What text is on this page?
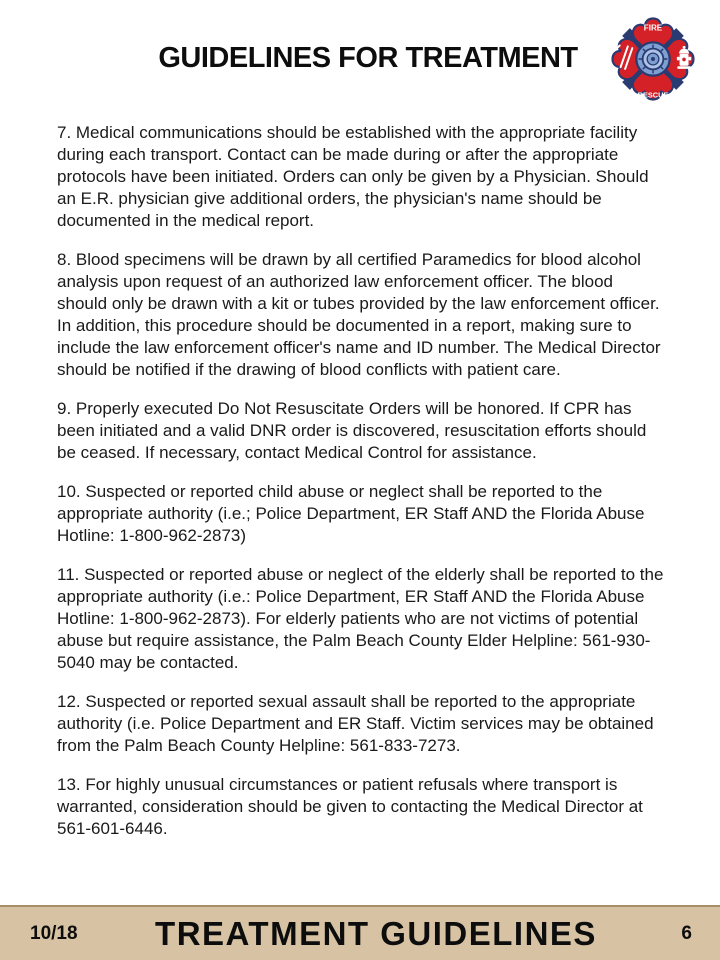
GUIDELINES FOR TREATMENT
FIRE
RESCUE

7. Medical communications should be established with the appropriate facility during each transport. Contact can be made during or after the appropriate protocols have been initiated. Orders can only be given by a Physician. Should an E.R. physician give additional orders, the physician's name should be documented in the medical report.

8. Blood specimens will be drawn by all certified Paramedics for blood alcohol analysis upon request of an authorized law enforcement officer. The blood should only be drawn with a kit or tubes provided by the law enforcement officer. In addition, this procedure should be documented in a report, making sure to include the law enforcement officer's name and ID number. The Medical Director should be notified if the drawing of blood conflicts with patient care.

9. Properly executed Do Not Resuscitate Orders will be honored. If CPR has been initiated and a valid DNR order is discovered, resuscitation efforts should be ceased. If necessary, contact Medical Control for assistance.

10. Suspected or reported child abuse or neglect shall be reported to the appropriate authority (i.e.; Police Department, ER Staff AND the Florida Abuse Hotline: 1-800-962-2873)

11. Suspected or reported abuse or neglect of the elderly shall be reported to the appropriate authority (i.e.: Police Department, ER Staff AND the Florida Abuse Hotline: 1-800-962-2873). For elderly patients who are not victims of potential abuse but require assistance, the Palm Beach County Elder Helpline: 561-930-5040 may be contacted.

12. Suspected or reported sexual assault shall be reported to the appropriate authority (i.e. Police Department and ER Staff. Victim services may be obtained from the Palm Beach County Helpline: 561-833-7273.

13. For highly unusual circumstances or patient refusals where transport is warranted, consideration should be given to contacting the Medical Director at 561-601-6446.

10/18	TREATMENT GUIDELINES	6
